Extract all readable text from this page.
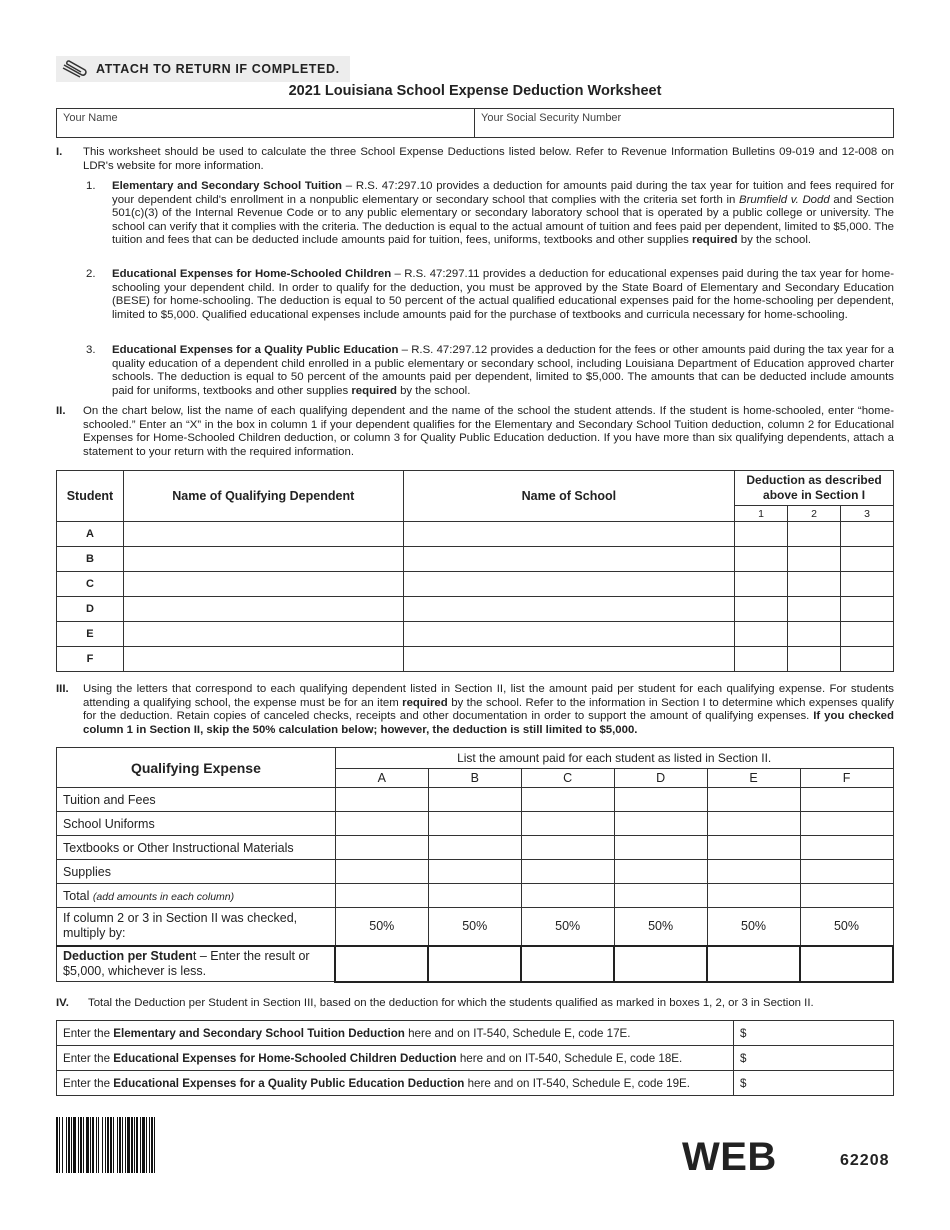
ATTACH TO RETURN IF COMPLETED.
2021 Louisiana School Expense Deduction Worksheet
Your Name	Your Social Security Number
I. This worksheet should be used to calculate the three School Expense Deductions listed below. Refer to Revenue Information Bulletins 09-019 and 12-008 on LDR's website for more information.
1. Elementary and Secondary School Tuition – R.S. 47:297.10 provides a deduction for amounts paid during the tax year for tuition and fees required for your dependent child's enrollment in a nonpublic elementary or secondary school that complies with the criteria set forth in Brumfield v. Dodd and Section 501(c)(3) of the Internal Revenue Code or to any public elementary or secondary laboratory school that is operated by a public college or university. The school can verify that it complies with the criteria. The deduction is equal to the actual amount of tuition and fees paid per dependent, limited to $5,000. The tuition and fees that can be deducted include amounts paid for tuition, fees, uniforms, textbooks and other supplies required by the school.
2. Educational Expenses for Home-Schooled Children – R.S. 47:297.11 provides a deduction for educational expenses paid during the tax year for home-schooling your dependent child. In order to qualify for the deduction, you must be approved by the State Board of Elementary and Secondary Education (BESE) for home-schooling. The deduction is equal to 50 percent of the actual qualified educational expenses paid for the home-schooling per dependent, limited to $5,000. Qualified educational expenses include amounts paid for the purchase of textbooks and curricula necessary for home-schooling.
3. Educational Expenses for a Quality Public Education – R.S. 47:297.12 provides a deduction for the fees or other amounts paid during the tax year for a quality education of a dependent child enrolled in a public elementary or secondary school, including Louisiana Department of Education approved charter schools. The deduction is equal to 50 percent of the amounts paid per dependent, limited to $5,000. The amounts that can be deducted include amounts paid for uniforms, textbooks and other supplies required by the school.
II. On the chart below, list the name of each qualifying dependent and the name of the school the student attends. If the student is home-schooled, enter “home-schooled.” Enter an “X” in the box in column 1 if your dependent qualifies for the Elementary and Secondary School Tuition deduction, column 2 for Educational Expenses for Home-Schooled Children deduction, or column 3 for Quality Public Education deduction. If you have more than six qualifying dependents, attach a statement to your return with the required information.
Student	Name of Qualifying Dependent	Name of School	Deduction as described above in Section I		
			1	2	3
A					
B					
C					
D					
E					
F					
III. Using the letters that correspond to each qualifying dependent listed in Section II, list the amount paid per student for each qualifying expense. For students attending a qualifying school, the expense must be for an item required by the school. Refer to the information in Section I to determine which expenses qualify for the deduction. Retain copies of canceled checks, receipts and other documentation in order to support the amount of qualifying expenses. If you checked column 1 in Section II, skip the 50% calculation below; however, the deduction is still limited to $5,000.
Qualifying Expense	List the amount paid for each student as listed in Section II.					
	A	B	C	D	E	F
Tuition and Fees						
School Uniforms						
Textbooks or Other Instructional Materials						
Supplies						
Total (add amounts in each column)						
If column 2 or 3 in Section II was checked, multiply by:	50%	50%	50%	50%	50%	50%
Deduction per Student – Enter the result or $5,000, whichever is less.						
IV. Total the Deduction per Student in Section III, based on the deduction for which the students qualified as marked in boxes 1, 2, or 3 in Section II.
Enter the Elementary and Secondary School Tuition Deduction here and on IT-540, Schedule E, code 17E.	$
Enter the Educational Expenses for Home-Schooled Children Deduction here and on IT-540, Schedule E, code 18E.	$
Enter the Educational Expenses for a Quality Public Education Deduction here and on IT-540, Schedule E, code 19E.	$
WEB	62208
